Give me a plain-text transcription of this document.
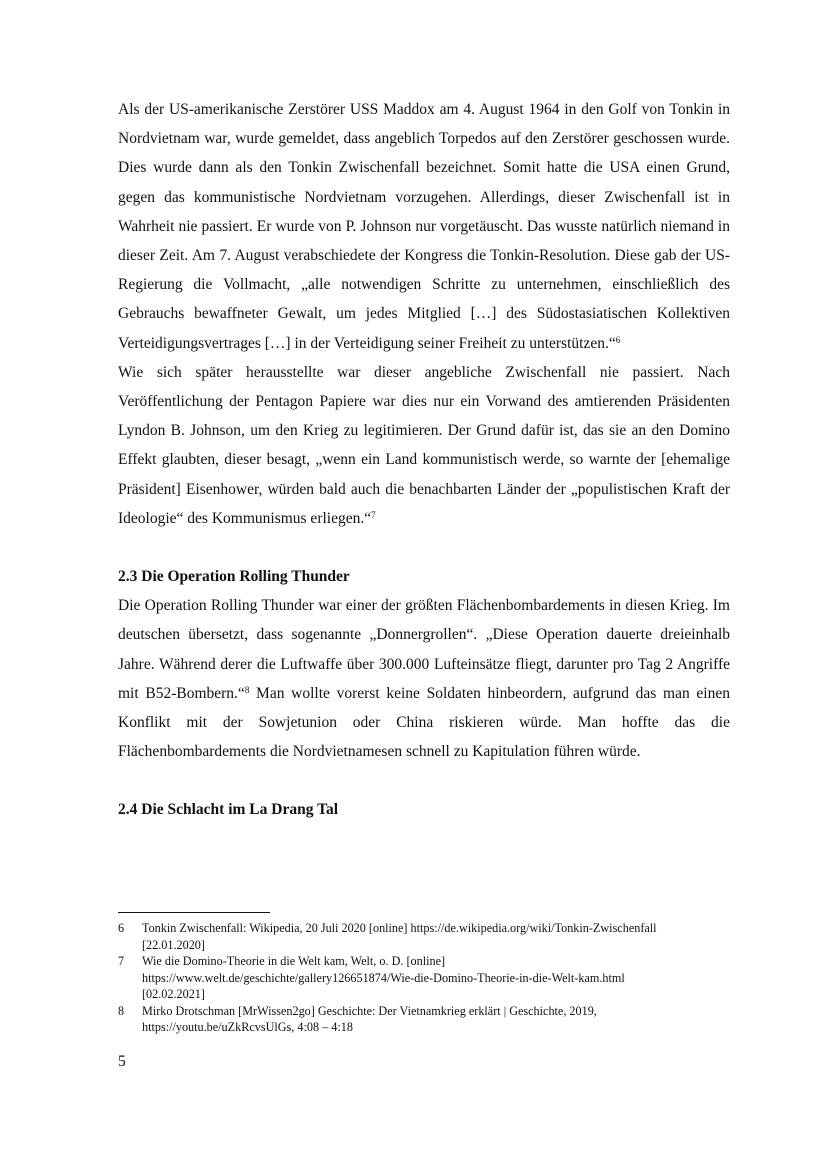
Als der US-amerikanische Zerstörer USS Maddox am 4. August 1964 in den Golf von Tonkin in Nordvietnam war, wurde gemeldet, dass angeblich Torpedos auf den Zerstörer geschossen wurde. Dies wurde dann als den Tonkin Zwischenfall bezeichnet. Somit hatte die USA einen Grund, gegen das kommunistische Nordvietnam vorzugehen. Allerdings, dieser Zwischenfall ist in Wahrheit nie passiert. Er wurde von P. Johnson nur vorgetäuscht. Das wusste natürlich niemand in dieser Zeit. Am 7. August verabschiedete der Kongress die Tonkin-Resolution. Diese gab der US-Regierung die Vollmacht, „alle notwendigen Schritte zu unternehmen, einschließlich des Gebrauchs bewaffneter Gewalt, um jedes Mitglied […] des Südostasiatischen Kollektiven Verteidigungsvertrages […] in der Verteidigung seiner Freiheit zu unterstützen.“$^6$

Wie sich später herausstellte war dieser angebliche Zwischenfall nie passiert. Nach Veröffentlichung der Pentagon Papiere war dies nur ein Vorwand des amtierenden Präsidenten Lyndon B. Johnson, um den Krieg zu legitimieren. Der Grund dafür ist, das sie an den Domino Effekt glaubten, dieser besagt, „wenn ein Land kommunistisch werde, so warnte der [ehemalige Präsident] Eisenhower, würden bald auch die benachbarten Länder der „populistischen Kraft der Ideologie“ des Kommunismus erliegen.“$^7$

2.3 Die Operation Rolling Thunder

Die Operation Rolling Thunder war einer der größten Flächenbombardements in diesen Krieg. Im deutschen übersetzt, dass sogenannte „Donnergrollen“. „Diese Operation dauerte dreieinhalb Jahre. Während derer die Luftwaffe über 300.000 Lufteinsätze fliegt, darunter pro Tag 2 Angriffe mit B52-Bombern.“$^8$ Man wollte vorerst keine Soldaten hinbeordern, aufgrund das man einen Konflikt mit der Sowjetunion oder China riskieren würde. Man hoffte das die Flächenbombardements die Nordvietnamesen schnell zu Kapitulation führen würde.

2.4 Die Schlacht im La Drang Tal
6	Tonkin Zwischenfall: Wikipedia, 20 Juli 2020 [online] https://de.wikipedia.org/wiki/Tonkin-Zwischenfall
[22.01.2020]
7	Wie die Domino-Theorie in die Welt kam, Welt, o. D. [online]
https://www.welt.de/geschichte/gallery126651874/Wie-die-Domino-Theorie-in-die-Welt-kam.html
[02.02.2021]
8	Mirko Drotschman [MrWissen2go] Geschichte: Der Vietnamkrieg erklärt | Geschichte, 2019,
https://youtu.be/uZkRcvsUlGs, 4:08 – 4:18
5
